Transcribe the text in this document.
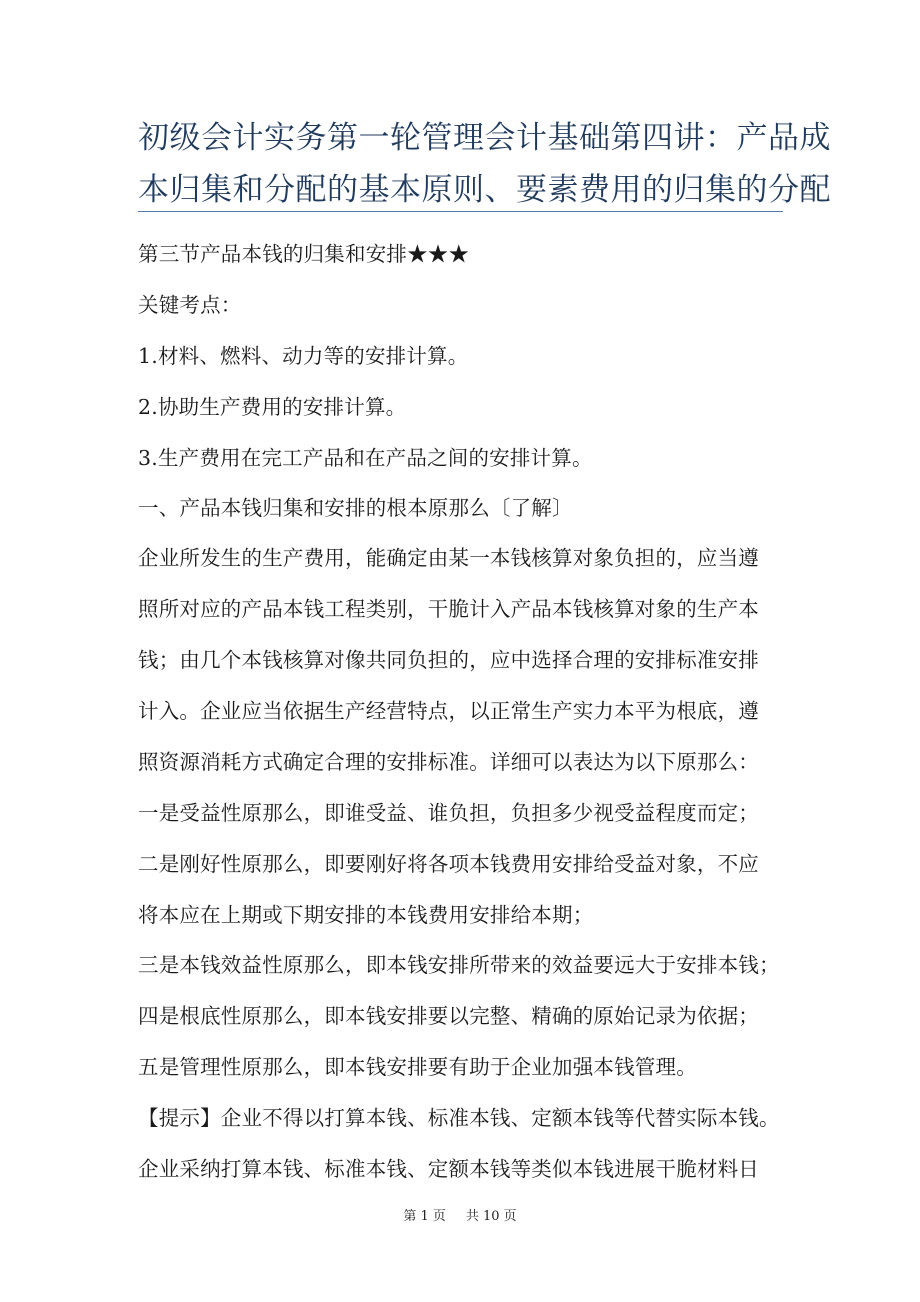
初级会计实务第一轮管理会计基础第四讲：产品成
本归集和分配的基本原则、要素费用的归集的分配
第三节产品本钱的归集和安排★★★
关键考点：
1.材料、燃料、动力等的安排计算。
2.协助生产费用的安排计算。
3.生产费用在完工产品和在产品之间的安排计算。
一、产品本钱归集和安排的根本原那么〔了解〕
企业所发生的生产费用，能确定由某一本钱核算对象负担的，应当遵
照所对应的产品本钱工程类别，干脆计入产品本钱核算对象的生产本
钱；由几个本钱核算对像共同负担的，应中选择合理的安排标准安排
计入。企业应当依据生产经营特点，以正常生产实力本平为根底，遵
照资源消耗方式确定合理的安排标准。详细可以表达为以下原那么：
一是受益性原那么，即谁受益、谁负担，负担多少视受益程度而定；
二是刚好性原那么，即要刚好将各项本钱费用安排给受益对象，不应
将本应在上期或下期安排的本钱费用安排给本期；
三是本钱效益性原那么，即本钱安排所带来的效益要远大于安排本钱；
四是根底性原那么，即本钱安排要以完整、精确的原始记录为依据；
五是管理性原那么，即本钱安排要有助于企业加强本钱管理。
【提示】企业不得以打算本钱、标准本钱、定额本钱等代替实际本钱。
企业采纳打算本钱、标准本钱、定额本钱等类似本钱进展干脆材料日
第 1 页 共 10 页
